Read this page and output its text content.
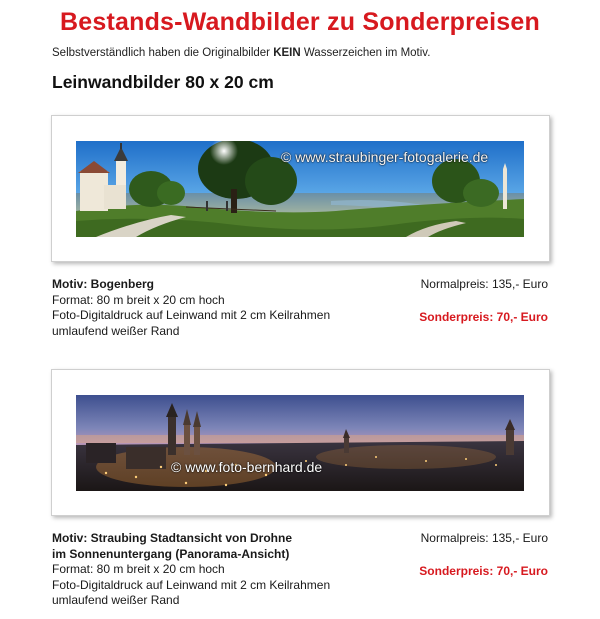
Bestands-Wandbilder zu Sonderpreisen
Selbstverständlich haben die Originalbilder KEIN Wasserzeichen im Motiv.
Leinwandbilder 80 x 20 cm
© www.straubinger-fotogalerie.de
Motiv: Bogenberg
Format: 80 m breit x 20 cm hoch
Foto-Digitaldruck auf Leinwand mit 2 cm Keilrahmen
umlaufend weißer Rand
Normalpreis: 135,- Euro
Sonderpreis: 70,- Euro
© www.foto-bernhard.de
Motiv: Straubing Stadtansicht von Drohne
im Sonnenuntergang (Panorama-Ansicht)
Format: 80 m breit x 20 cm hoch
Foto-Digitaldruck auf Leinwand mit 2 cm Keilrahmen
umlaufend weißer Rand
Normalpreis: 135,- Euro
Sonderpreis: 70,- Euro
